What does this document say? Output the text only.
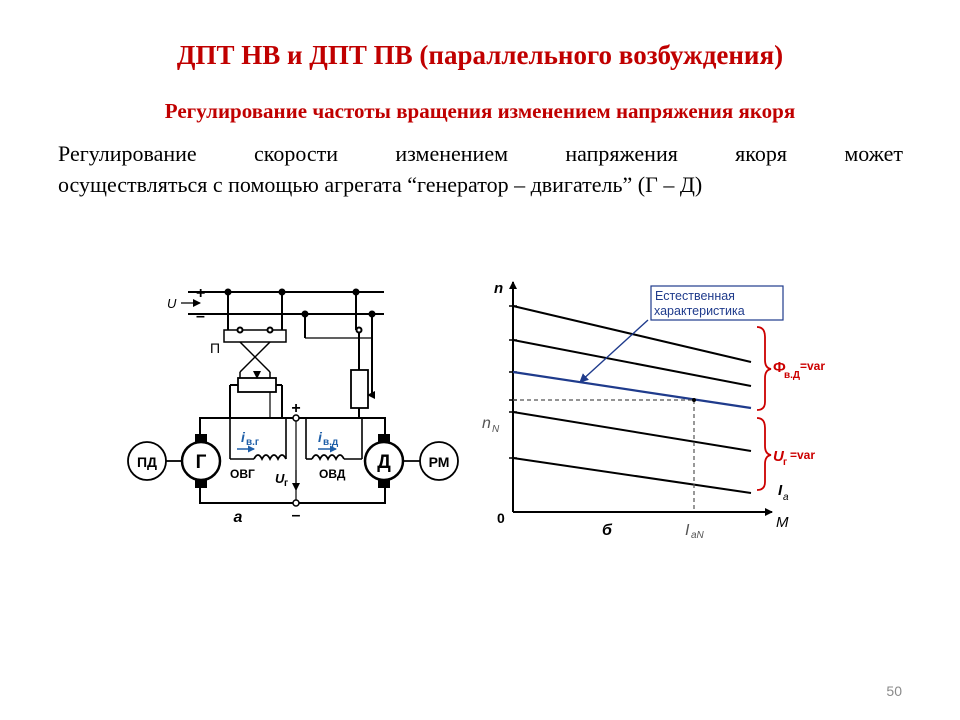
ДПТ НВ и ДПТ ПВ (параллельного возбуждения)
Регулирование частоты вращения изменением напряжения якоря

Регулирование скорости изменением напряжения якоря может
осуществляться с помощью агрегата “генератор – двигатель” (Г – Д)

+
–
U
П
ПД Г	Д	РМ
ОВГ	ОВД
i в.г	i в.д
U г
+
–
а
n
0	M
I a
n N
I aN
б
Естественная
характеристика
Ф
в.Д
=var
U г
=var
50
